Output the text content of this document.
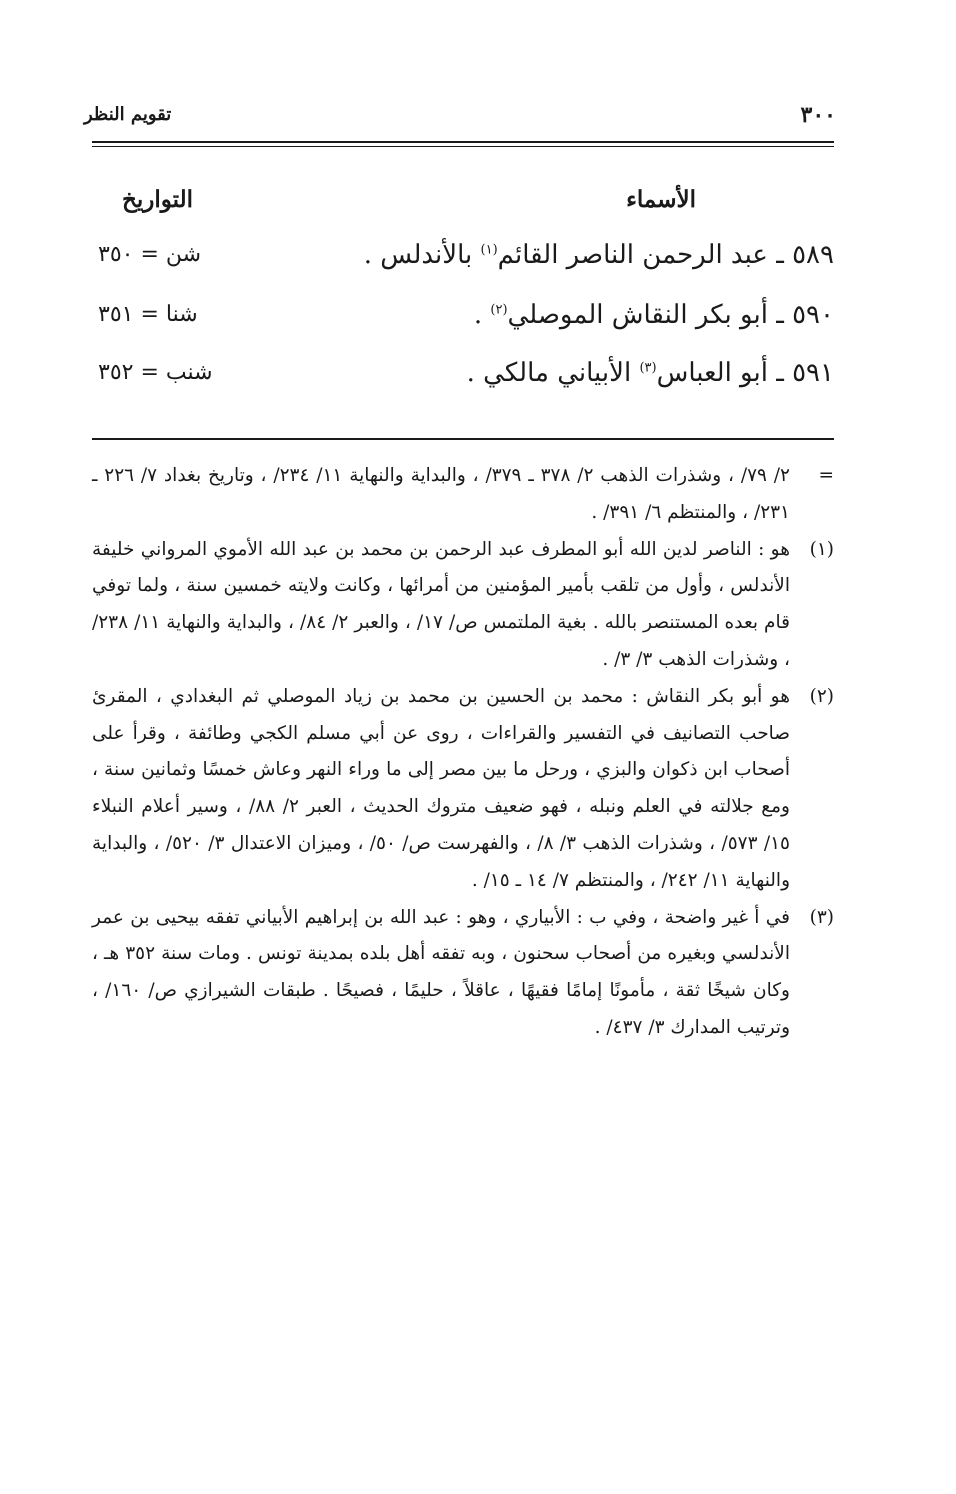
تقويم النظر	٣٠٠
الأسماء
التواريخ
٥٨٩ ـ عبد الرحمن الناصر القائم$^{(١)}$ بالأندلس .
شن = ٣٥٠
٥٩٠ ـ أبو بكر النقاش الموصلي$^{(٢)}$ .
شنا = ٣٥١
٥٩١ ـ أبو العباس$^{(٣)}$ الأبياني مالكي .
شنب = ٣٥٢

=
٢/ ٧٩/ ، وشذرات الذهب ٢/ ٣٧٨ ـ ٣٧٩/ ، والبداية والنهاية ١١/ ٢٣٤/ ، وتاريخ بغداد ٧/ ٢٢٦ ـ ٢٣١/ ، والمنتظم ٦/ ٣٩١/ .

(١)
هو : الناصر لدين الله أبو المطرف عبد الرحمن بن محمد بن عبد الله الأموي المرواني خليفة الأندلس ، وأول من تلقب بأمير المؤمنين من أمرائها ، وكانت ولايته خمسين سنة ، ولما توفي قام بعده المستنصر بالله . بغية الملتمس ص/ ١٧/ ، والعبر ٢/ ٨٤/ ، والبداية والنهاية ١١/ ٢٣٨/ ، وشذرات الذهب ٣/ ٣/ .

(٢)
هو أبو بكر النقاش : محمد بن الحسين بن محمد بن زياد الموصلي ثم البغدادي ، المقرئ صاحب التصانيف في التفسير والقراءات ، روى عن أبي مسلم الكجي وطائفة ، وقرأ على أصحاب ابن ذكوان والبزي ، ورحل ما بين مصر إلى ما وراء النهر وعاش خمسًا وثمانين سنة ، ومع جلالته في العلم ونبله ، فهو ضعيف متروك الحديث ، العبر ٢/ ٨٨/ ، وسير أعلام النبلاء ١٥/ ٥٧٣/ ، وشذرات الذهب ٣/ ٨/ ، والفهرست ص/ ٥٠/ ، وميزان الاعتدال ٣/ ٥٢٠/ ، والبداية والنهاية ١١/ ٢٤٢/ ، والمنتظم ٧/ ١٤ ـ ١٥/ .

(٣)
في أ غير واضحة ، وفي ب : الأبياري ، وهو : عبد الله بن إبراهيم الأبياني تفقه بيحيى بن عمر الأندلسي وبغيره من أصحاب سحنون ، وبه تفقه أهل بلده بمدينة تونس . ومات سنة ٣٥٢ هـ ، وكان شيخًا ثقة ، مأمونًا إمامًا فقيهًا ، عاقلاً ، حليمًا ، فصيحًا . طبقات الشيرازي ص/ ١٦٠/ ، وترتيب المدارك ٣/ ٤٣٧/ .
